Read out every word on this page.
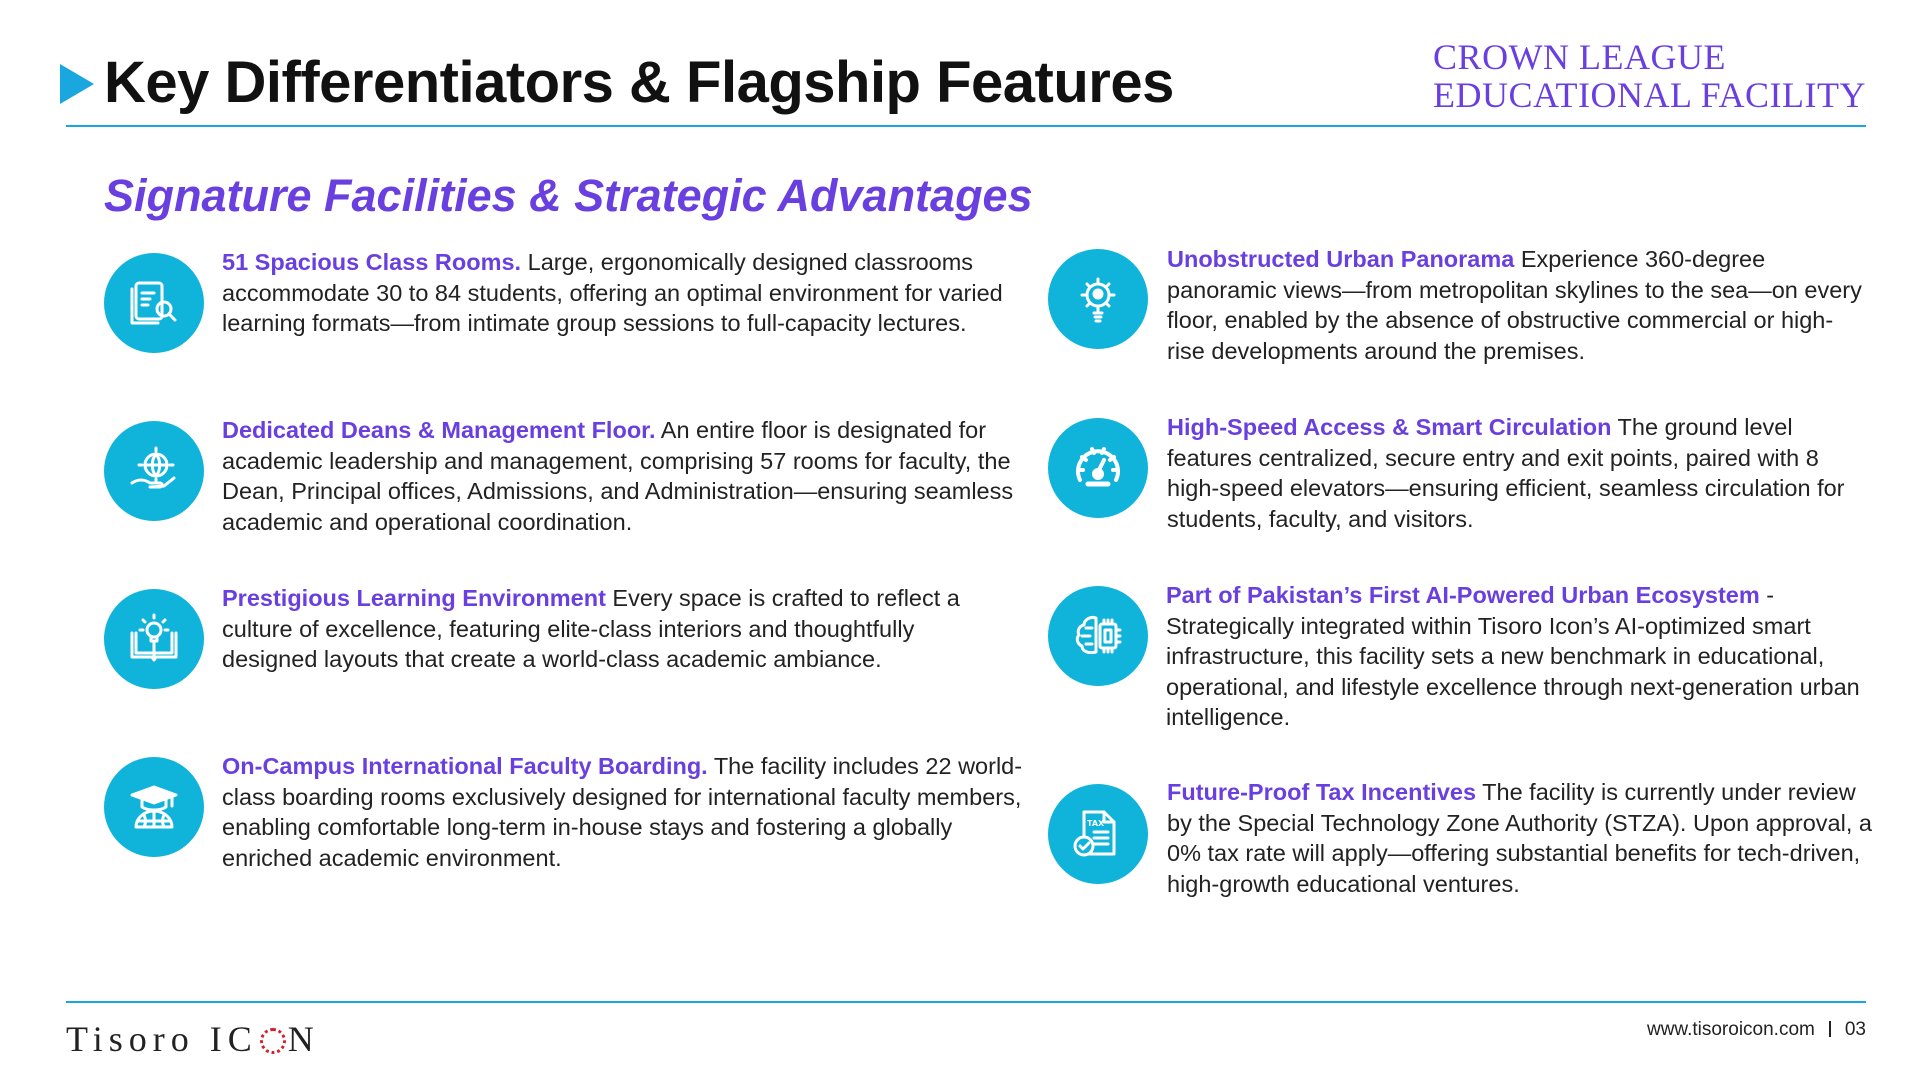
Key Differentiators & Flagship Features	CROWN LEAGUE
EDUCATIONAL FACILITY
Signature Facilities & Strategic Advantages

51 Spacious Class Rooms. Large, ergonomically designed classrooms accommodate 30 to 84 students, offering an optimal environment for varied learning formats—from intimate group sessions to full-capacity lectures.

Dedicated Deans & Management Floor. An entire floor is designated for academic leadership and management, comprising 57 rooms for faculty, the Dean, Principal offices, Admissions, and Administration—ensuring seamless academic and operational coordination.

Prestigious Learning Environment Every space is crafted to reflect a culture of excellence, featuring elite-class interiors and thoughtfully designed layouts that create a world-class academic ambiance.

On-Campus International Faculty Boarding. The facility includes 22 world-class boarding rooms exclusively designed for international faculty members, enabling comfortable long-term in-house stays and fostering a globally enriched academic environment.

Unobstructed Urban Panorama Experience 360-degree panoramic views—from metropolitan skylines to the sea—on every floor, enabled by the absence of obstructive commercial or high-rise developments around the premises.

High-Speed Access & Smart Circulation The ground level features centralized, secure entry and exit points, paired with 8 high-speed elevators—ensuring efficient, seamless circulation for students, faculty, and visitors.

Part of Pakistan’s First AI-Powered Urban Ecosystem - Strategically integrated within Tisoro Icon’s AI-optimized smart infrastructure, this facility sets a new benchmark in educational, operational, and lifestyle excellence through next-generation urban intelligence.

TAX

Future-Proof Tax Incentives The facility is currently under review by the Special Technology Zone Authority (STZA). Upon approval, a 0% tax rate will apply—offering substantial benefits for tech-driven, high-growth educational ventures.

Tisoro IC N	www.tisoroicon.com 03
